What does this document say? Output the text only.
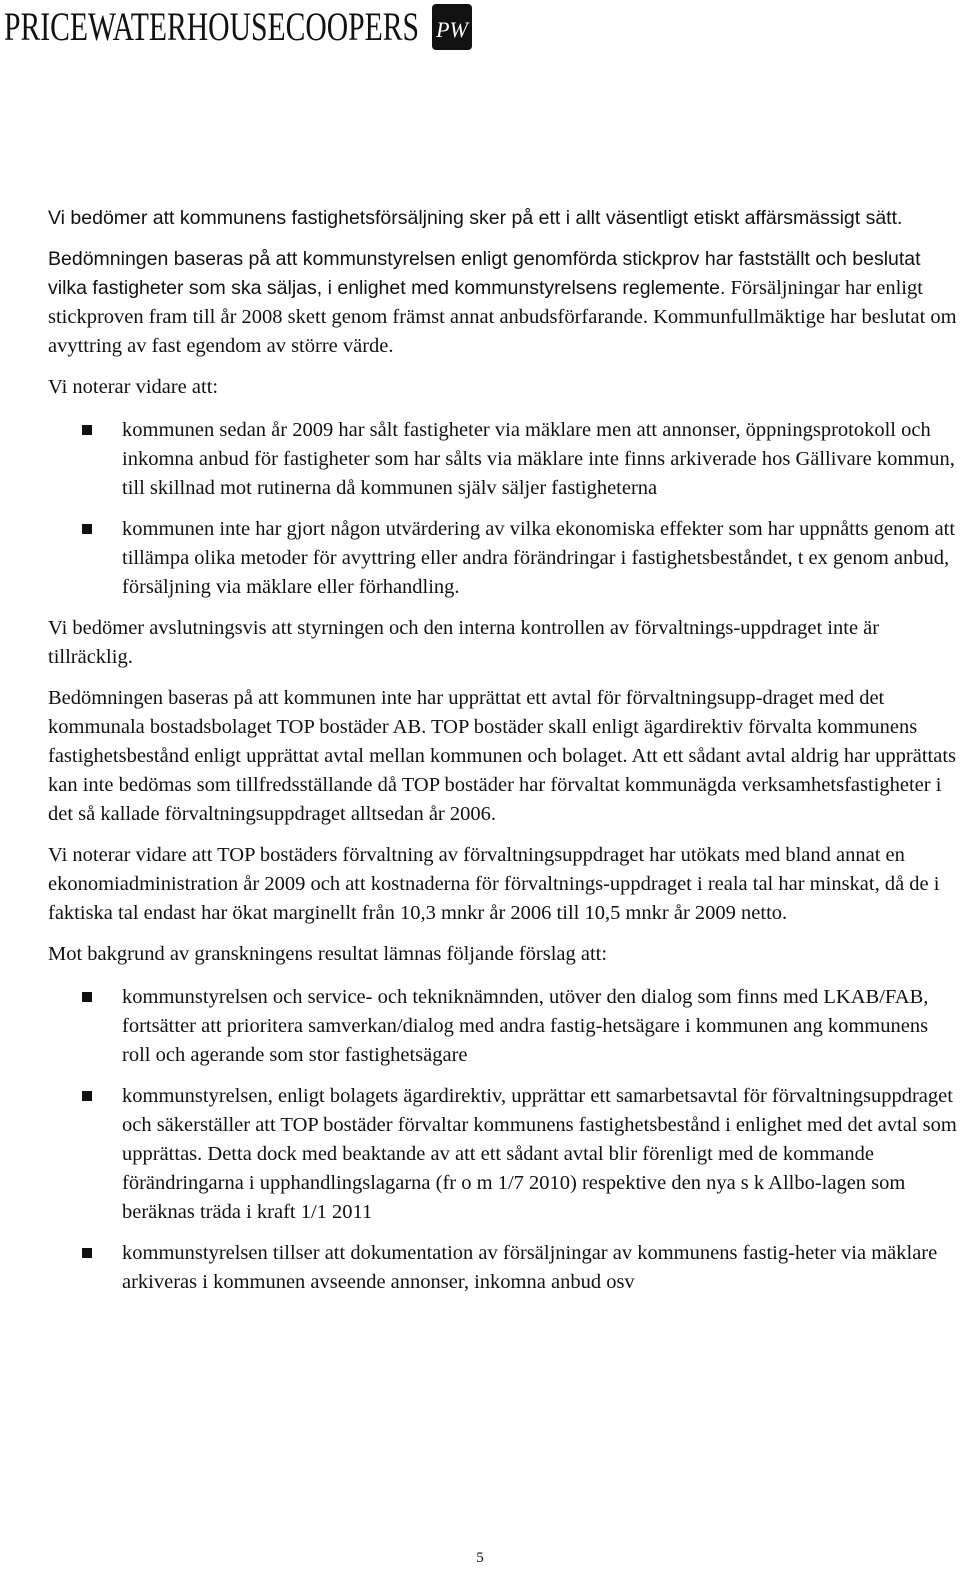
PRICEWATERHOUSECOOPERS PW

Vi bedömer att kommunens fastighetsförsäljning sker på ett i allt väsentligt etiskt affärsmässigt sätt.

Bedömningen baseras på att kommunstyrelsen enligt genomförda stickprov har fastställt och beslutat vilka fastigheter som ska säljas, i enlighet med kommunstyrelsens reglemente. Försäljningar har enligt stickproven fram till år 2008 skett genom främst annat anbudsförfarande. Kommunfullmäktige har beslutat om avyttring av fast egendom av större värde.

Vi noterar vidare att:

kommunen sedan år 2009 har sålt fastigheter via mäklare men att annonser, öppningsprotokoll och inkomna anbud för fastigheter som har sålts via mäklare inte finns arkiverade hos Gällivare kommun, till skillnad mot rutinerna då kommunen själv säljer fastigheterna
kommunen inte har gjort någon utvärdering av vilka ekonomiska effekter som har uppnåtts genom att tillämpa olika metoder för avyttring eller andra förändringar i fastighetsbeståndet, t ex genom anbud, försäljning via mäklare eller förhandling.

Vi bedömer avslutningsvis att styrningen och den interna kontrollen av förvaltnings-uppdraget inte är tillräcklig.

Bedömningen baseras på att kommunen inte har upprättat ett avtal för förvaltningsupp-draget med det kommunala bostadsbolaget TOP bostäder AB. TOP bostäder skall enligt ägardirektiv förvalta kommunens fastighetsbestånd enligt upprättat avtal mellan kommunen och bolaget. Att ett sådant avtal aldrig har upprättats kan inte bedömas som tillfredsställande då TOP bostäder har förvaltat kommunägda verksamhetsfastigheter i det så kallade förvaltningsuppdraget alltsedan år 2006.

Vi noterar vidare att TOP bostäders förvaltning av förvaltningsuppdraget har utökats med bland annat en ekonomiadministration år 2009 och att kostnaderna för förvaltnings-uppdraget i reala tal har minskat, då de i faktiska tal endast har ökat marginellt från 10,3 mnkr år 2006 till 10,5 mnkr år 2009 netto.

Mot bakgrund av granskningens resultat lämnas följande förslag att:

kommunstyrelsen och service- och tekniknämnden, utöver den dialog som finns med LKAB/FAB, fortsätter att prioritera samverkan/dialog med andra fastig-hetsägare i kommunen ang kommunens roll och agerande som stor fastighetsägare
kommunstyrelsen, enligt bolagets ägardirektiv, upprättar ett samarbetsavtal för förvaltningsuppdraget och säkerställer att TOP bostäder förvaltar kommunens fastighetsbestånd i enlighet med det avtal som upprättas. Detta dock med beaktande av att ett sådant avtal blir förenligt med de kommande förändringarna i upphandlingslagarna (fr o m 1/7 2010) respektive den nya s k Allbo-lagen som beräknas träda i kraft 1/1 2011
kommunstyrelsen tillser att dokumentation av försäljningar av kommunens fastig-heter via mäklare arkiveras i kommunen avseende annonser, inkomna anbud osv
5
